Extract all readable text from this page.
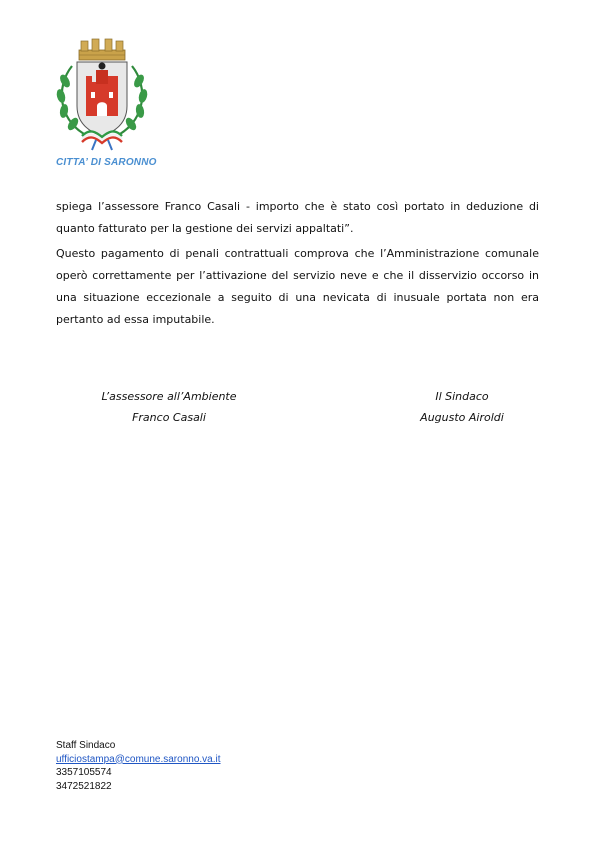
CITTA’ DI SARONNO

spiega l’assessore Franco Casali - importo che è stato così portato in deduzione di quanto fatturato per la gestione dei servizi appaltati”.

Questo pagamento di penali contrattuali comprova che l’Amministrazione comunale operò correttamente per l’attivazione del servizio neve e che il disservizio occorso in una situazione eccezionale a seguito di una nevicata di inusuale portata non era pertanto ad essa imputabile.

L’assessore all’Ambiente
Franco Casali
Il Sindaco
Augusto Airoldi
Staff Sindaco
ufficiostampa@comune.saronno.va.it
3357105574
3472521822
